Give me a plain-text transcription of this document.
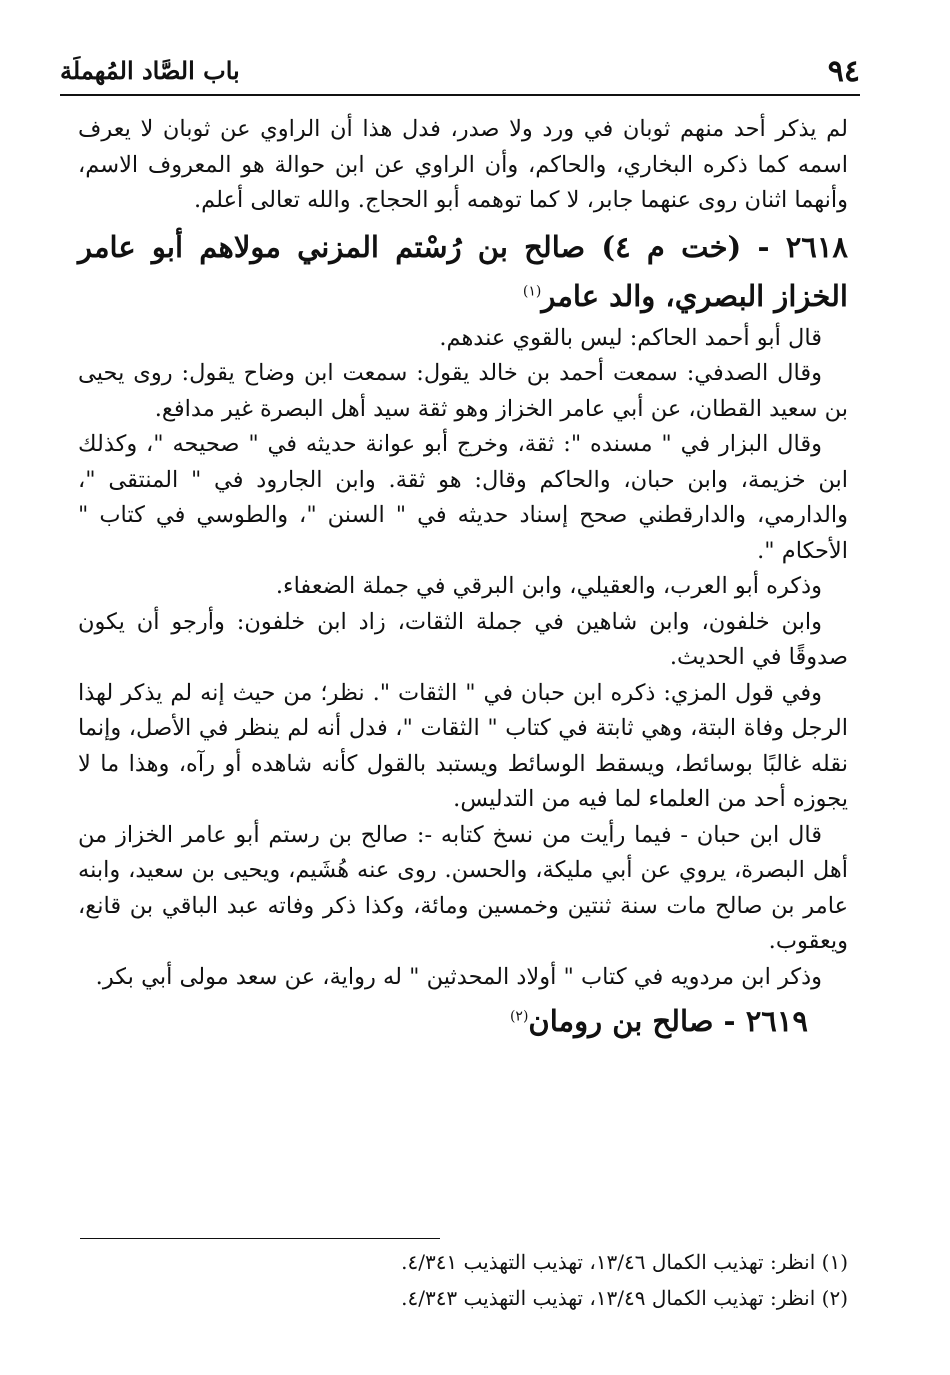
٩٤
باب الصَّاد المُهملَة

لم يذكر أحد منهم ثوبان في ورد ولا صدر، فدل هذا أن الراوي عن ثوبان لا يعرف اسمه كما ذكره البخاري، والحاكم، وأن الراوي عن ابن حوالة هو المعروف الاسم، وأنهما اثنان روى عنهما جابر، لا كما توهمه أبو الحجاج. والله تعالى أعلم.

٢٦١٨ - (خت م ٤) صالح بن رُسْتم المزني مولاهم أبو عامر الخزاز البصري، والد عامر$^{(١)}$

قال أبو أحمد الحاكم: ليس بالقوي عندهم.

وقال الصدفي: سمعت أحمد بن خالد يقول: سمعت ابن وضاح يقول: روى يحيى بن سعيد القطان، عن أبي عامر الخزاز وهو ثقة سيد أهل البصرة غير مدافع.

وقال البزار في " مسنده ": ثقة، وخرج أبو عوانة حديثه في " صحيحه "، وكذلك ابن خزيمة، وابن حبان، والحاكم وقال: هو ثقة. وابن الجارود في " المنتقى "، والدارمي، والدارقطني صحح إسناد حديثه في " السنن "، والطوسي في كتاب " الأحكام ".

وذكره أبو العرب، والعقيلي، وابن البرقي في جملة الضعفاء.

وابن خلفون، وابن شاهين في جملة الثقات، زاد ابن خلفون: وأرجو أن يكون صدوقًا في الحديث.

وفي قول المزي: ذكره ابن حبان في " الثقات ". نظر؛ من حيث إنه لم يذكر لهذا الرجل وفاة البتة، وهي ثابتة في كتاب " الثقات "، فدل أنه لم ينظر في الأصل، وإنما نقله غالبًا بوسائط، ويسقط الوسائط ويستبد بالقول كأنه شاهده أو رآه، وهذا ما لا يجوزه أحد من العلماء لما فيه من التدليس.

قال ابن حبان - فيما رأيت من نسخ كتابه -: صالح بن رستم أبو عامر الخزاز من أهل البصرة، يروي عن أبي مليكة، والحسن. روى عنه هُشَيم، ويحيى بن سعيد، وابنه عامر بن صالح مات سنة ثنتين وخمسين ومائة، وكذا ذكر وفاته عبد الباقي بن قانع، ويعقوب.

وذكر ابن مردويه في كتاب " أولاد المحدثين " له رواية، عن سعد مولى أبي بكر.

٢٦١٩ - صالح بن رومان$^{(٢)}$
(١) انظر: تهذيب الكمال ١٣/٤٦، تهذيب التهذيب ٤/٣٤١.
(٢) انظر: تهذيب الكمال ١٣/٤٩، تهذيب التهذيب ٤/٣٤٣.
